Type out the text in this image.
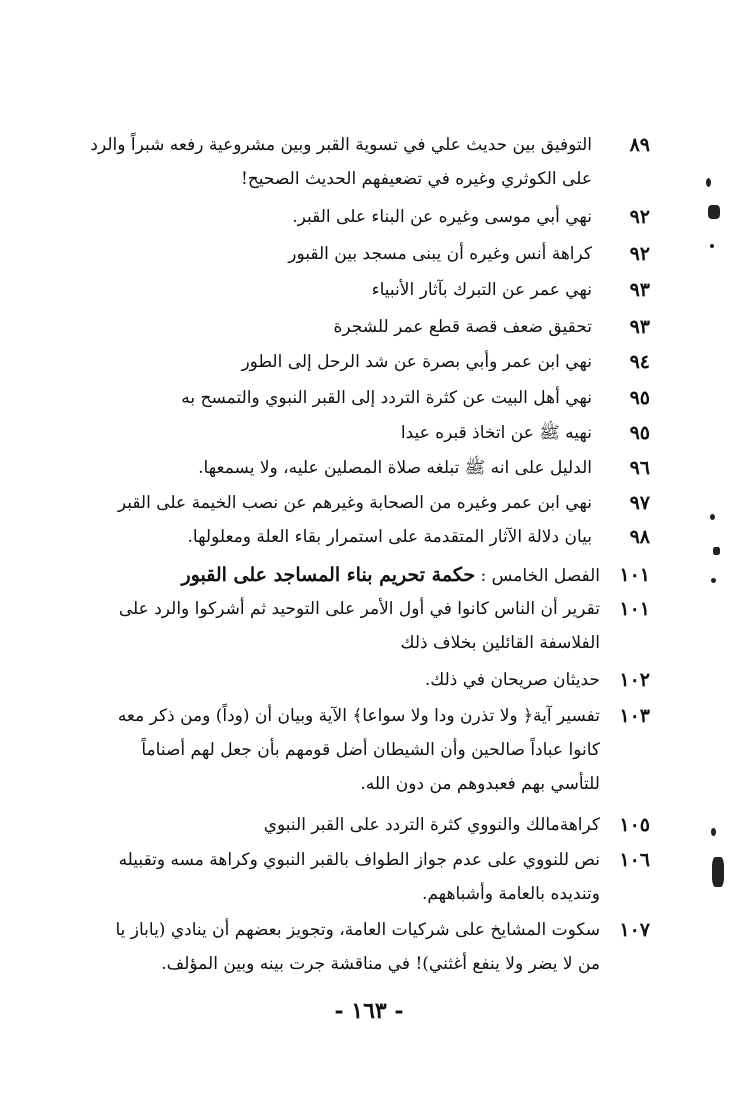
٨٩
التوفيق بين حديث علي في تسوية القبر وبين مشروعية رفعه شبراً والرد على الكوثري وغيره في تضعيفهم الحديث الصحيح!
٩٢
نهي أبي موسى وغيره عن البناء على القبر.
٩٢
كراهة أنس وغيره أن يبنى مسجد بين القبور
٩٣
نهي عمر عن التبرك بآثار الأنبياء
٩٣
تحقيق ضعف قصة قطع عمر للشجرة
٩٤
نهي ابن عمر وأبي بصرة عن شد الرحل إلى الطور
٩٥
نهي أهل البيت عن كثرة التردد إلى القبر النبوي والتمسح به
٩٥
نهيه ﷺ عن اتخاذ قبره عيدا
٩٦
الدليل على انه ﷺ تبلغه صلاة المصلين عليه، ولا يسمعها.
٩٧
نهي ابن عمر وغيره من الصحابة وغيرهم عن نصب الخيمة على القبر
٩٨
بيان دلالة الآثار المتقدمة على استمرار بقاء العلة ومعلولها.
١٠١
الفصل الخامس : حكمة تحريم بناء المساجد على القبور
١٠١
تقرير أن الناس كانوا في أول الأمر على التوحيد ثم أشركوا والرد على الفلاسفة القائلين بخلاف ذلك
١٠٢
حديثان صريحان في ذلك.
١٠٣
تفسير آية﴿ ولا تذرن ودا ولا سواعا﴾ الآية وبيان أن (وداً) ومن ذكر معه كانوا عباداً صالحين وأن الشيطان أضل قومهم بأن جعل لهم أصناماً للتأسي بهم فعبدوهم من دون الله.
١٠٥
كراهةمالك والنووي كثرة التردد على القبر النبوي
١٠٦
نص للنووي على عدم جواز الطواف بالقبر النبوي وكراهة مسه وتقبيله وتنديده بالعامة وأشباههم.
١٠٧
سكوت المشايخ على شركيات العامة، وتجويز بعضهم أن ينادي (ياباز يا من لا يضر ولا ينفع أغثني)! في مناقشة جرت بينه وبين المؤلف.
- ١٦٣ -
